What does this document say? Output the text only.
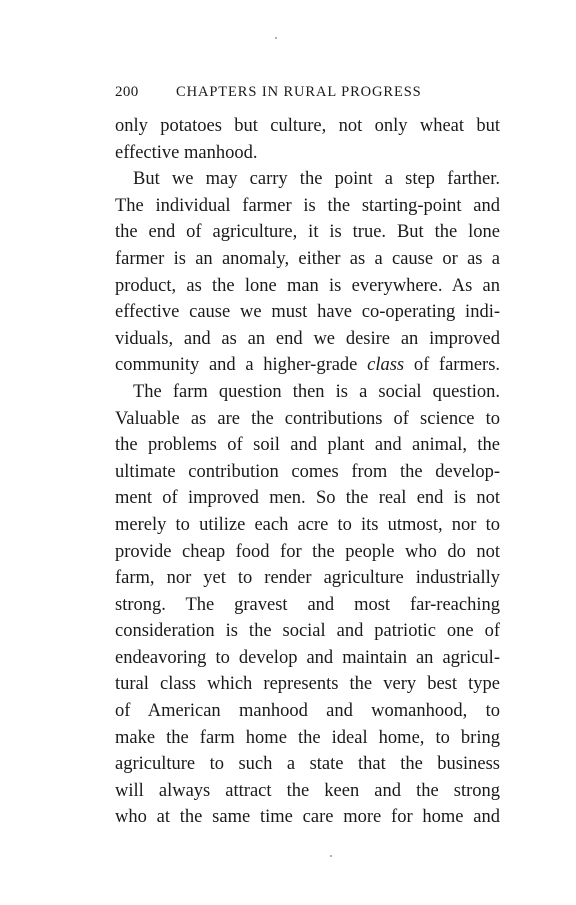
200	CHAPTERS IN RURAL PROGRESS
only potatoes but culture, not only wheat but
effective manhood.
But we may carry the point a step farther.
The individual farmer is the starting-point and
the end of agriculture, it is true. But the lone
farmer is an anomaly, either as a cause or as a
product, as the lone man is everywhere. As an
effective cause we must have co-operating indi-
viduals, and as an end we desire an improved
community and a higher-grade class of farmers.
The farm question then is a social question.
Valuable as are the contributions of science to
the problems of soil and plant and animal, the
ultimate contribution comes from the develop-
ment of improved men. So the real end is not
merely to utilize each acre to its utmost, nor to
provide cheap food for the people who do not
farm, nor yet to render agriculture industrially
strong. The gravest and most far-reaching
consideration is the social and patriotic one of
endeavoring to develop and maintain an agricul-
tural class which represents the very best type
of American manhood and womanhood, to
make the farm home the ideal home, to bring
agriculture to such a state that the business
will always attract the keen and the strong
who at the same time care more for home and
